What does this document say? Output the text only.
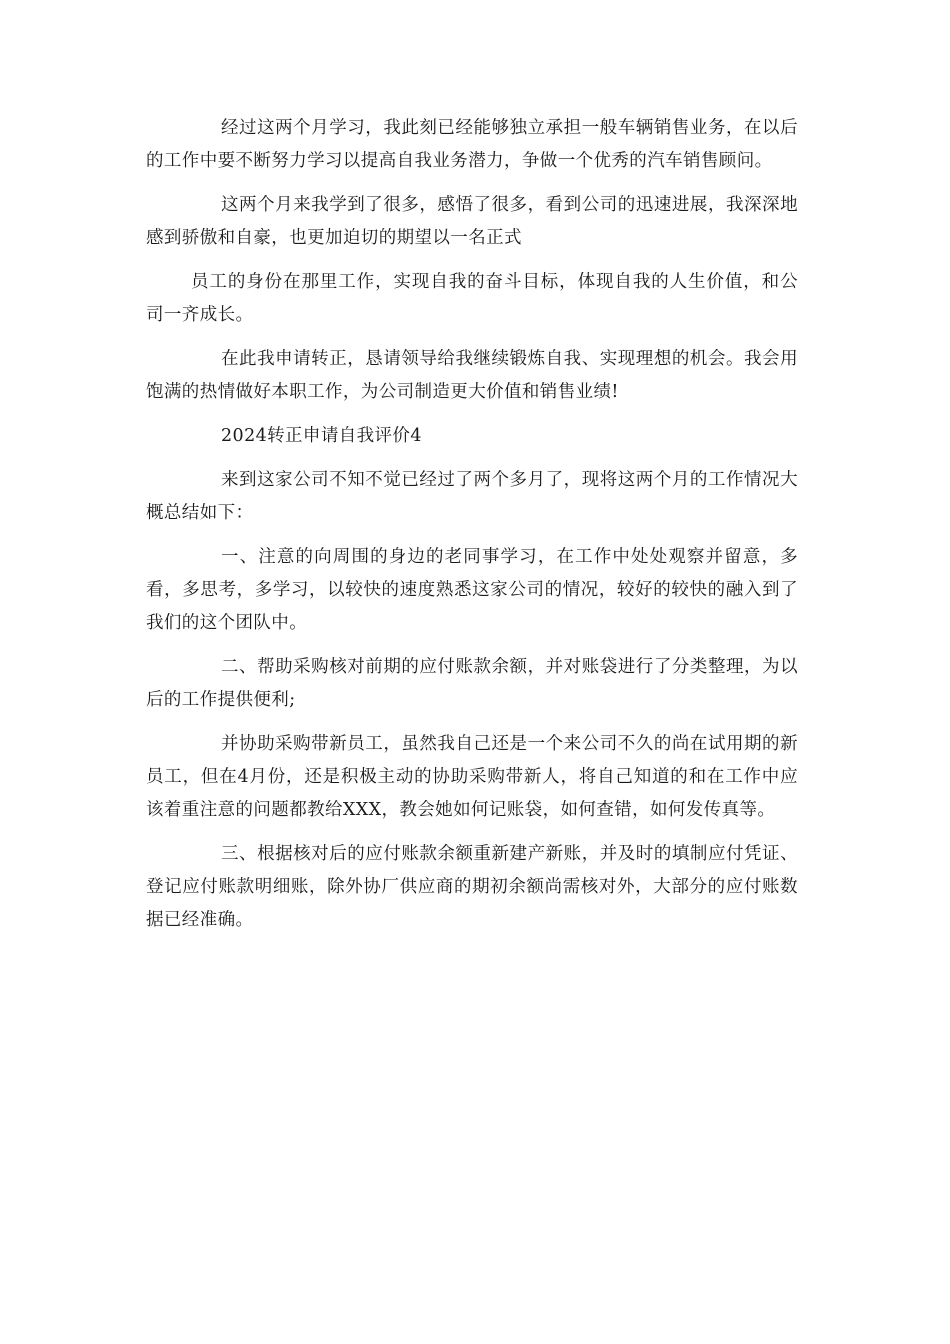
经过这两个月学习，我此刻已经能够独立承担一般车辆销售业务，在以后的工作中要不断努力学习以提高自我业务潜力，争做一个优秀的汽车销售顾问。

这两个月来我学到了很多，感悟了很多，看到公司的迅速进展，我深深地感到骄傲和自豪，也更加迫切的期望以一名正式

员工的身份在那里工作，实现自我的奋斗目标，体现自我的人生价值，和公司一齐成长。

在此我申请转正，恳请领导给我继续锻炼自我、实现理想的机会。我会用饱满的热情做好本职工作，为公司制造更大价值和销售业绩!

2024转正申请自我评价4

来到这家公司不知不觉已经过了两个多月了，现将这两个月的工作情况大概总结如下：

一、注意的向周围的身边的老同事学习，在工作中处处观察并留意，多看，多思考，多学习，以较快的速度熟悉这家公司的情况，较好的较快的融入到了我们的这个团队中。

二、帮助采购核对前期的应付账款余额，并对账袋进行了分类整理，为以后的工作提供便利;

并协助采购带新员工，虽然我自己还是一个来公司不久的尚在试用期的新员工，但在4月份，还是积极主动的协助采购带新人，将自己知道的和在工作中应该着重注意的问题都教给XXX，教会她如何记账袋，如何查错，如何发传真等。

三、根据核对后的应付账款余额重新建产新账，并及时的填制应付凭证、登记应付账款明细账，除外协厂供应商的期初余额尚需核对外，大部分的应付账数据已经准确。
